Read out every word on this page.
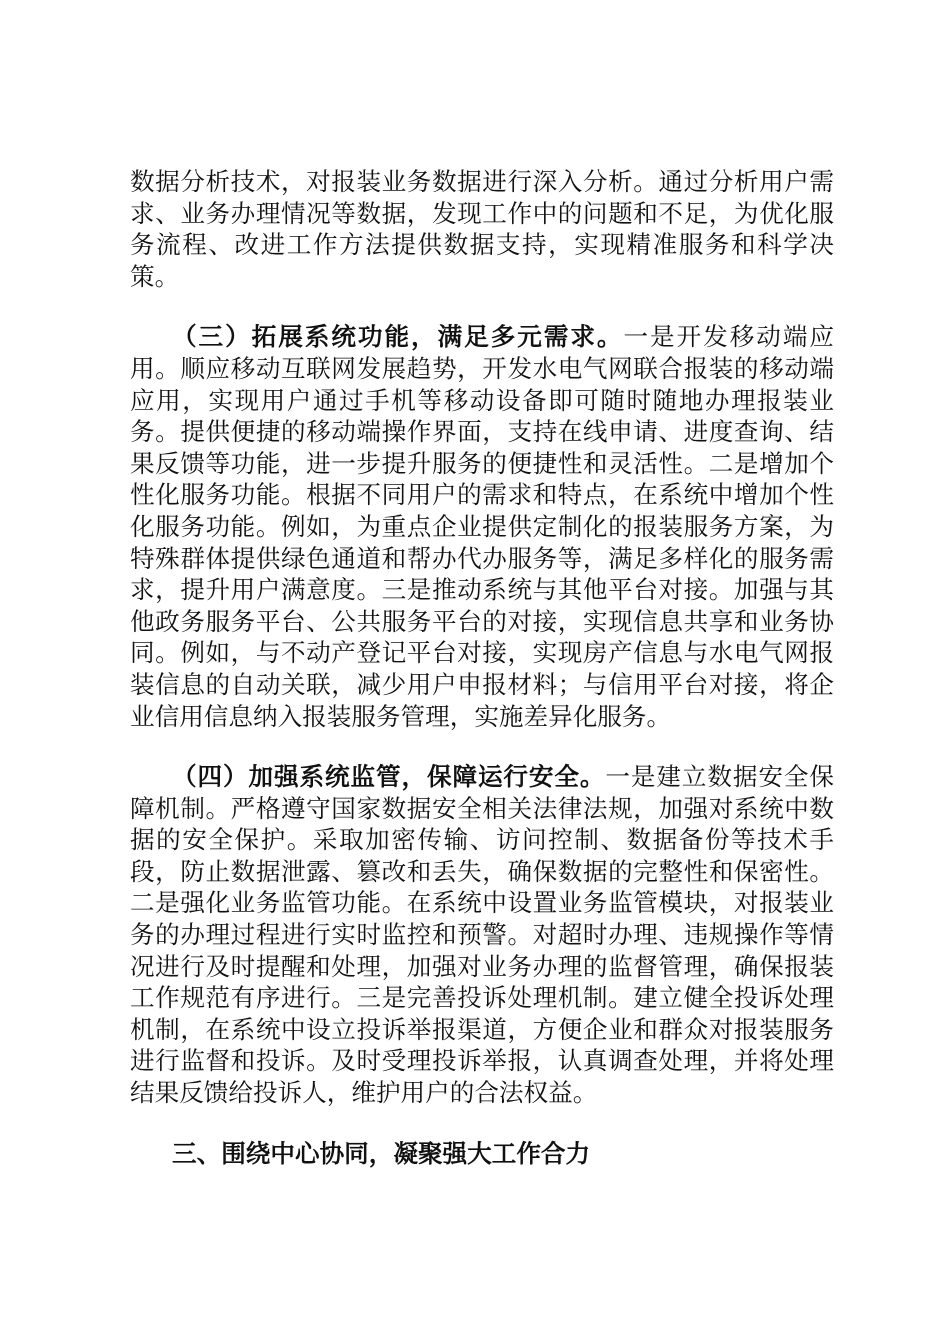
数据分析技术，对报装业务数据进行深入分析。通过分析用户需求、业务办理情况等数据，发现工作中的问题和不足，为优化服务流程、改进工作方法提供数据支持，实现精准服务和科学决策。

（三）拓展系统功能，满足多元需求。一是开发移动端应用。顺应移动互联网发展趋势，开发水电气网联合报装的移动端应用，实现用户通过手机等移动设备即可随时随地办理报装业务。提供便捷的移动端操作界面，支持在线申请、进度查询、结果反馈等功能，进一步提升服务的便捷性和灵活性。二是增加个性化服务功能。根据不同用户的需求和特点，在系统中增加个性化服务功能。例如，为重点企业提供定制化的报装服务方案，为特殊群体提供绿色通道和帮办代办服务等，满足多样化的服务需求，提升用户满意度。三是推动系统与其他平台对接。加强与其他政务服务平台、公共服务平台的对接，实现信息共享和业务协同。例如，与不动产登记平台对接，实现房产信息与水电气网报装信息的自动关联，减少用户申报材料；与信用平台对接，将企业信用信息纳入报装服务管理，实施差异化服务。

（四）加强系统监管，保障运行安全。一是建立数据安全保障机制。严格遵守国家数据安全相关法律法规，加强对系统中数据的安全保护。采取加密传输、访问控制、数据备份等技术手段，防止数据泄露、篡改和丢失，确保数据的完整性和保密性。二是强化业务监管功能。在系统中设置业务监管模块，对报装业务的办理过程进行实时监控和预警。对超时办理、违规操作等情况进行及时提醒和处理，加强对业务办理的监督管理，确保报装工作规范有序进行。三是完善投诉处理机制。建立健全投诉处理机制，在系统中设立投诉举报渠道，方便企业和群众对报装服务进行监督和投诉。及时受理投诉举报，认真调查处理，并将处理结果反馈给投诉人，维护用户的合法权益。

三、围绕中心协同，凝聚强大工作合力
